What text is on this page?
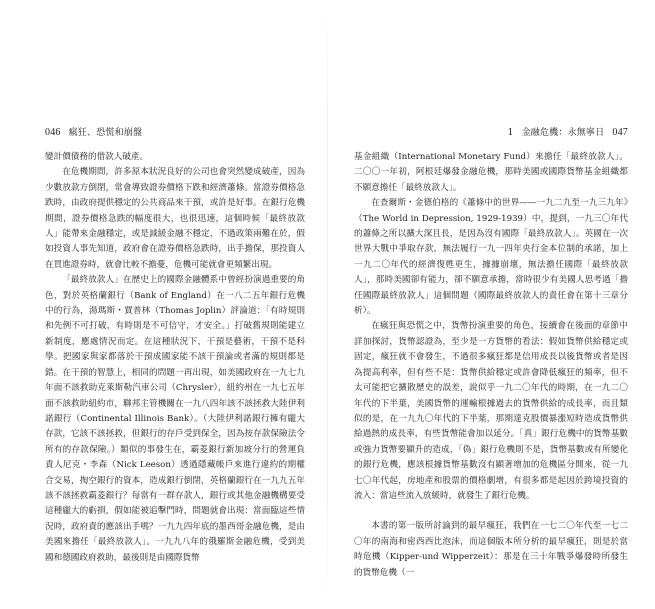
046 瘋狂、恐慌和崩盤

變計價債務的借款人破產。

在危機期間，許多原本狀況良好的公司也會突然變成破產，因為少數放款方倒閉，常會導致證券價格下跌和經濟蕭條。當證券價格急跌時，由政府提供穩定的公共商品來干預，或許是好事。在銀行危機期間，證券價格急跌的幅度很大，也很迅速，這個時候「最終放款人」能帶來金融穩定，或是減緩金融不穩定，不過政策兩難在於，假如投資人事先知道，政府會在證券價格急跌時，出手擔保，那投資人在買進證券時，就會比較不擔憂，危機可能就會更頻繁出現。

「最終放款人」在歷史上的國際金融體系中曾經扮演過重要的角色，對於英格蘭銀行（Bank of England）在一八二五年銀行危機中的行為，湯瑪斯・賈普林（Thomas Joplin）評論道：「有時規則和先例不可打破，有時則是不可信守，才安全。」打破舊規則能建立新制度，應處情況而定。在這種狀況下，干預是藝術，干預不是科學。把國家與家都落於干預成國家能不該干預論或者滿的規則都是錯。在干預的智慧上，相同的問題一再出現，如美國政府在一九七九年面不該救助克萊斯勒汽車公司（Chrysler），紐約州在一九七五年面不該救助紐約市，聯邦主管機關在一九八四年該不該拯救大陸伊利諾銀行（Continental Illinois Bank）。（大陸伊利諾銀行擁有龐大存款，它該不該拯救，但銀行的存戶受到保全，因為按存款保險法令所有的存款保險。）類似的事發生在，霸菱銀行新加坡分行的營運負責人尼克・李森（Nick Leeson）透過隱藏帳戶來進行違約的期權合交易，掏空銀行的資本，造成銀行倒閉，英格蘭銀行在一九九五年該不該拯救霸菱銀行？每當有一群存款人，銀行或其他金融機構要受這種龐大的虧損，假如能被追擊門時，問題就會出現：當面臨這些情況時，政府責的應該出手嗎？一九九四年底的墨西哥金融危機，是由美國來擔任「最終放款人」。一九九八年的俄羅斯金融危機，受到美國和德國政府救助，最後則是由國際貨幣

1 金融危機：永無寧日 047

基金組織（International Monetary Fund）來擔任「最終放款人」。二〇〇一年初，阿根廷爆發金融危機，那時美國或國際貨幣基金組織都不願意擔任「最終放款人」。

在查爾斯・金德伯格的《蕭條中的世界——一九二九至一九三九年》（The World in Depression, 1929-1939）中，提到，一九三〇年代的蕭條之所以擴大深且長，是因為沒有國際「最終放款人」。英國在一次世界大戰中爭取存款，無法履行一九一四年央行金本位制的承諾，加上一九二〇年代的經濟復甦更生，據據崩壞，無法擔任國際「最終放款人」，那時美國卻有能力，卻不願意承擔，當時很少有美國人思考過「擔任國際最終放款人」這個問題（國際最終放款人的責任會在第十三章分析）。

在瘋狂與恐慌之中，貨幣扮演重要的角色，接續會在後面的章節中詳加探討，貨幣認證為，至少是一方貨幣的看法：假如貨幣供給穩定或固定，瘋狂就不會發生，不過很多瘋狂都是信用成長以後貨幣或者是因為提高利率，但有些不是：貨幣供給穩定或許會降低瘋狂的頻率，但不太可能把它擴散歷史的誤差，說似乎一九二〇年代的時期，在一九二〇年代的下半葉，美國貨幣的運輸根據過去的貨幣供給的成長率，而且類似的是，在一九九〇年代的下半葉，那期達克股價暴漲短時造成貨幣供給過熱的成長率，有些貨幣能會加以延分。「真」銀行危機中的貨幣基數或強力貨幣要顯升的造成，「偽」銀行危機則不是，貨幣基數或有所變化的銀行危機，應該根據貨幣基數沒有顯著增加的危機區分開來，從一九七〇年代起，房地產和股票的價格劇增，有很多都是起因於跨境投資的流入：當這些流入放緩時，就發生了銀行危機。

本書的第一版所討論到的最早瘋狂，我們在一七二〇年代至一七二〇年的南海和密西西比泡沫，而這個版本所分析的最早瘋狂，則是於當時危機（Kipper-und Wipperzeit）：那是在三十年戰爭爆發時所發生的貨幣危機（一
